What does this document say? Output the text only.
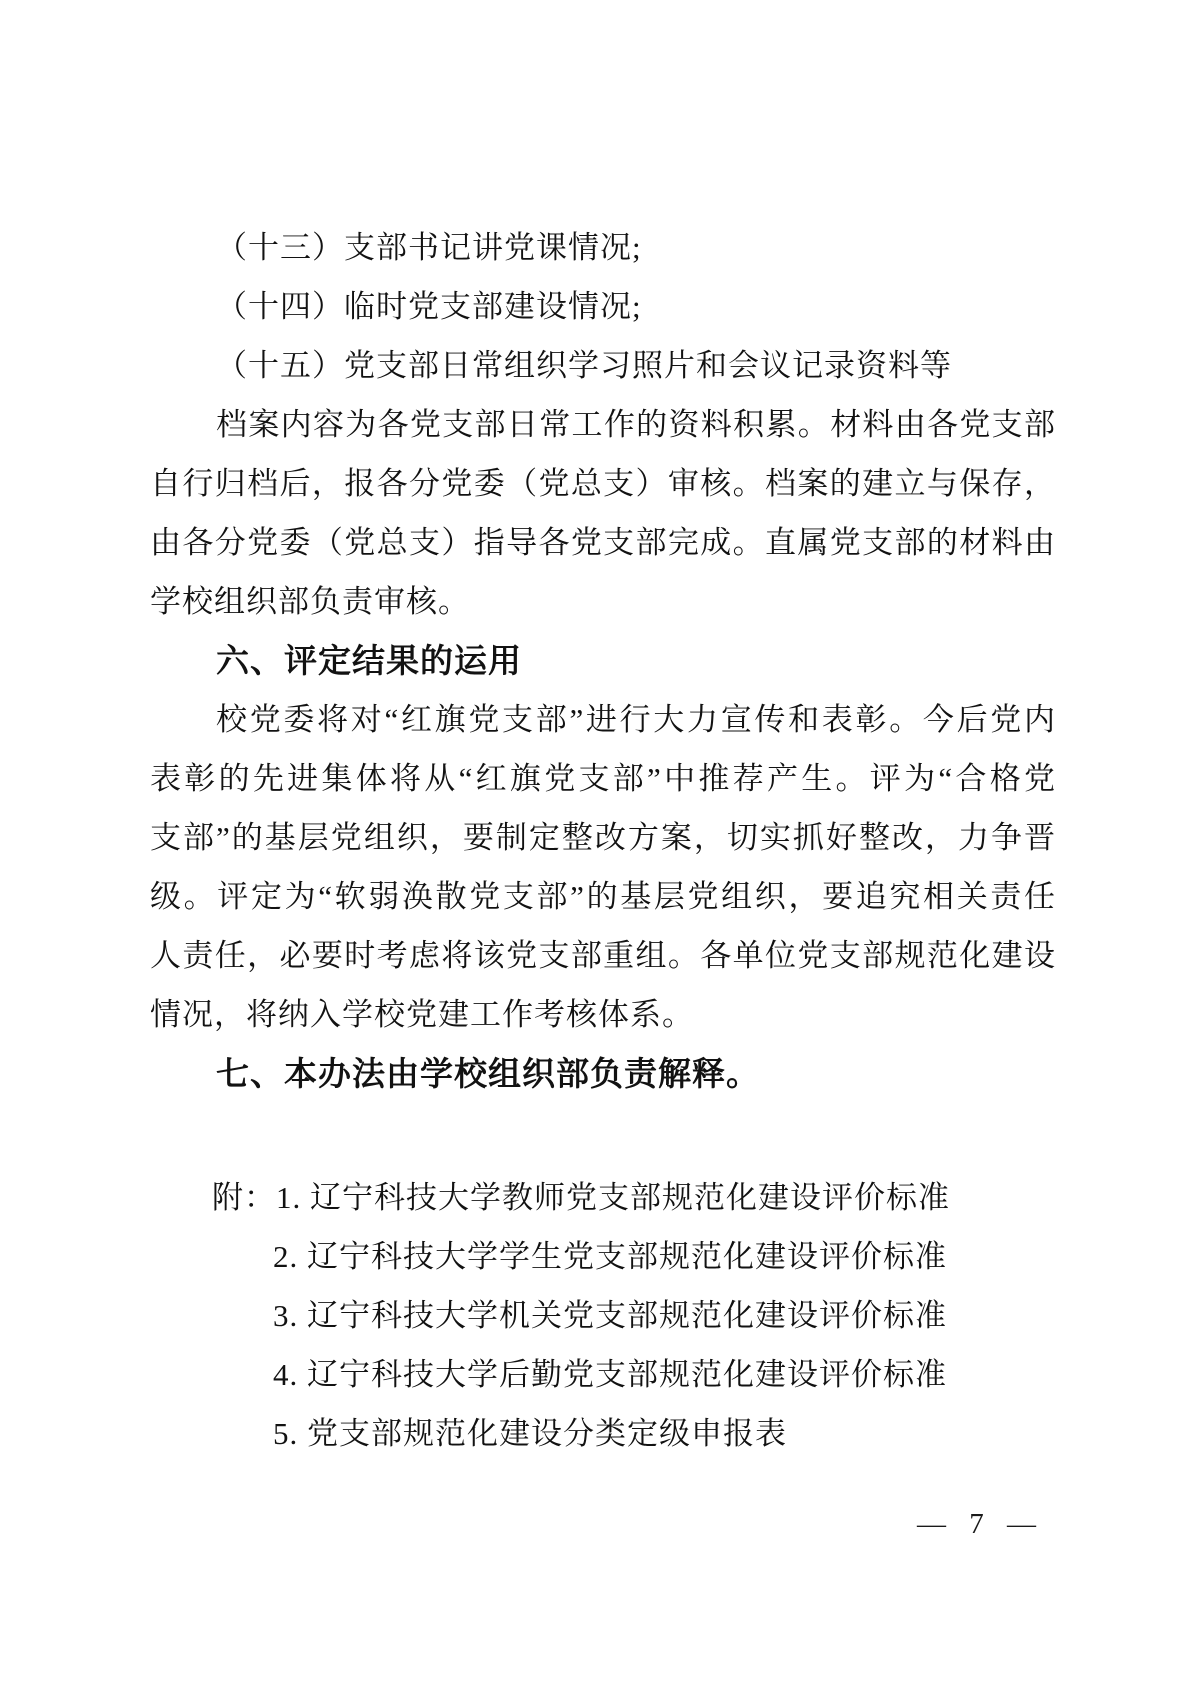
（十三）支部书记讲党课情况;
（十四）临时党支部建设情况;
（十五）党支部日常组织学习照片和会议记录资料等
档案内容为各党支部日常工作的资料积累。材料由各党支部
自行归档后，报各分党委（党总支）审核。档案的建立与保存，
由各分党委（党总支）指导各党支部完成。直属党支部的材料由
学校组织部负责审核。
六、评定结果的运用
校党委将对“红旗党支部”进行大力宣传和表彰。今后党内
表彰的先进集体将从“红旗党支部”中推荐产生。评为“合格党
支部”的基层党组织，要制定整改方案，切实抓好整改，力争晋
级。评定为“软弱涣散党支部”的基层党组织，要追究相关责任
人责任，必要时考虑将该党支部重组。各单位党支部规范化建设
情况，将纳入学校党建工作考核体系。
七、本办法由学校组织部负责解释。
附：1. 辽宁科技大学教师党支部规范化建设评价标准
2. 辽宁科技大学学生党支部规范化建设评价标准
3. 辽宁科技大学机关党支部规范化建设评价标准
4. 辽宁科技大学后勤党支部规范化建设评价标准
5. 党支部规范化建设分类定级申报表
— 7 —
